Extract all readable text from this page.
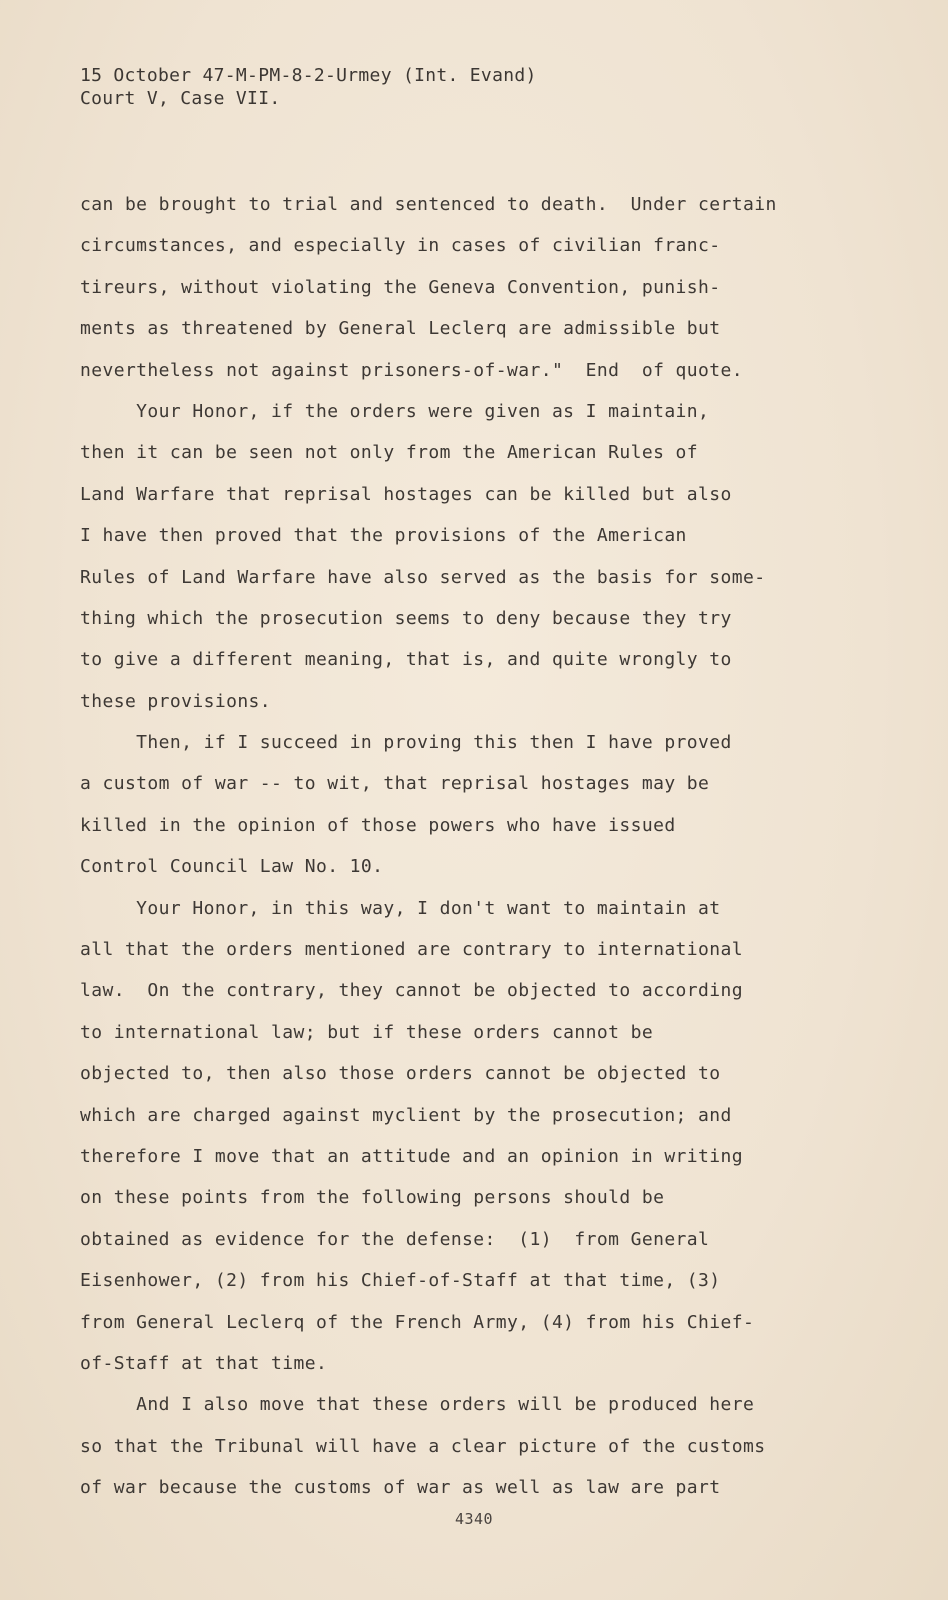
15 October 47-M-PM-8-2-Urmey (Int. Evand)
Court V, Case VII.
can be brought to trial and sentenced to death.  Under certain
circumstances, and especially in cases of civilian franc-
tireurs, without violating the Geneva Convention, punish-
ments as threatened by General Leclerq are admissible but
nevertheless not against prisoners-of-war."  End  of quote.
Your Honor, if the orders were given as I maintain,
then it can be seen not only from the American Rules of
Land Warfare that reprisal hostages can be killed but also
I have then proved that the provisions of the American
Rules of Land Warfare have also served as the basis for some-
thing which the prosecution seems to deny because they try
to give a different meaning, that is, and quite wrongly to
these provisions.
Then, if I succeed in proving this then I have proved
a custom of war -- to wit, that reprisal hostages may be
killed in the opinion of those powers who have issued
Control Council Law No. 10.
Your Honor, in this way, I don't want to maintain at
all that the orders mentioned are contrary to international
law.  On the contrary, they cannot be objected to according
to international law; but if these orders cannot be
objected to, then also those orders cannot be objected to
which are charged against myclient by the prosecution; and
therefore I move that an attitude and an opinion in writing
on these points from the following persons should be
obtained as evidence for the defense:  (1)  from General
Eisenhower, (2) from his Chief-of-Staff at that time, (3)
from General Leclerq of the French Army, (4) from his Chief-
of-Staff at that time.
And I also move that these orders will be produced here
so that the Tribunal will have a clear picture of the customs
of war because the customs of war as well as law are part
4340
